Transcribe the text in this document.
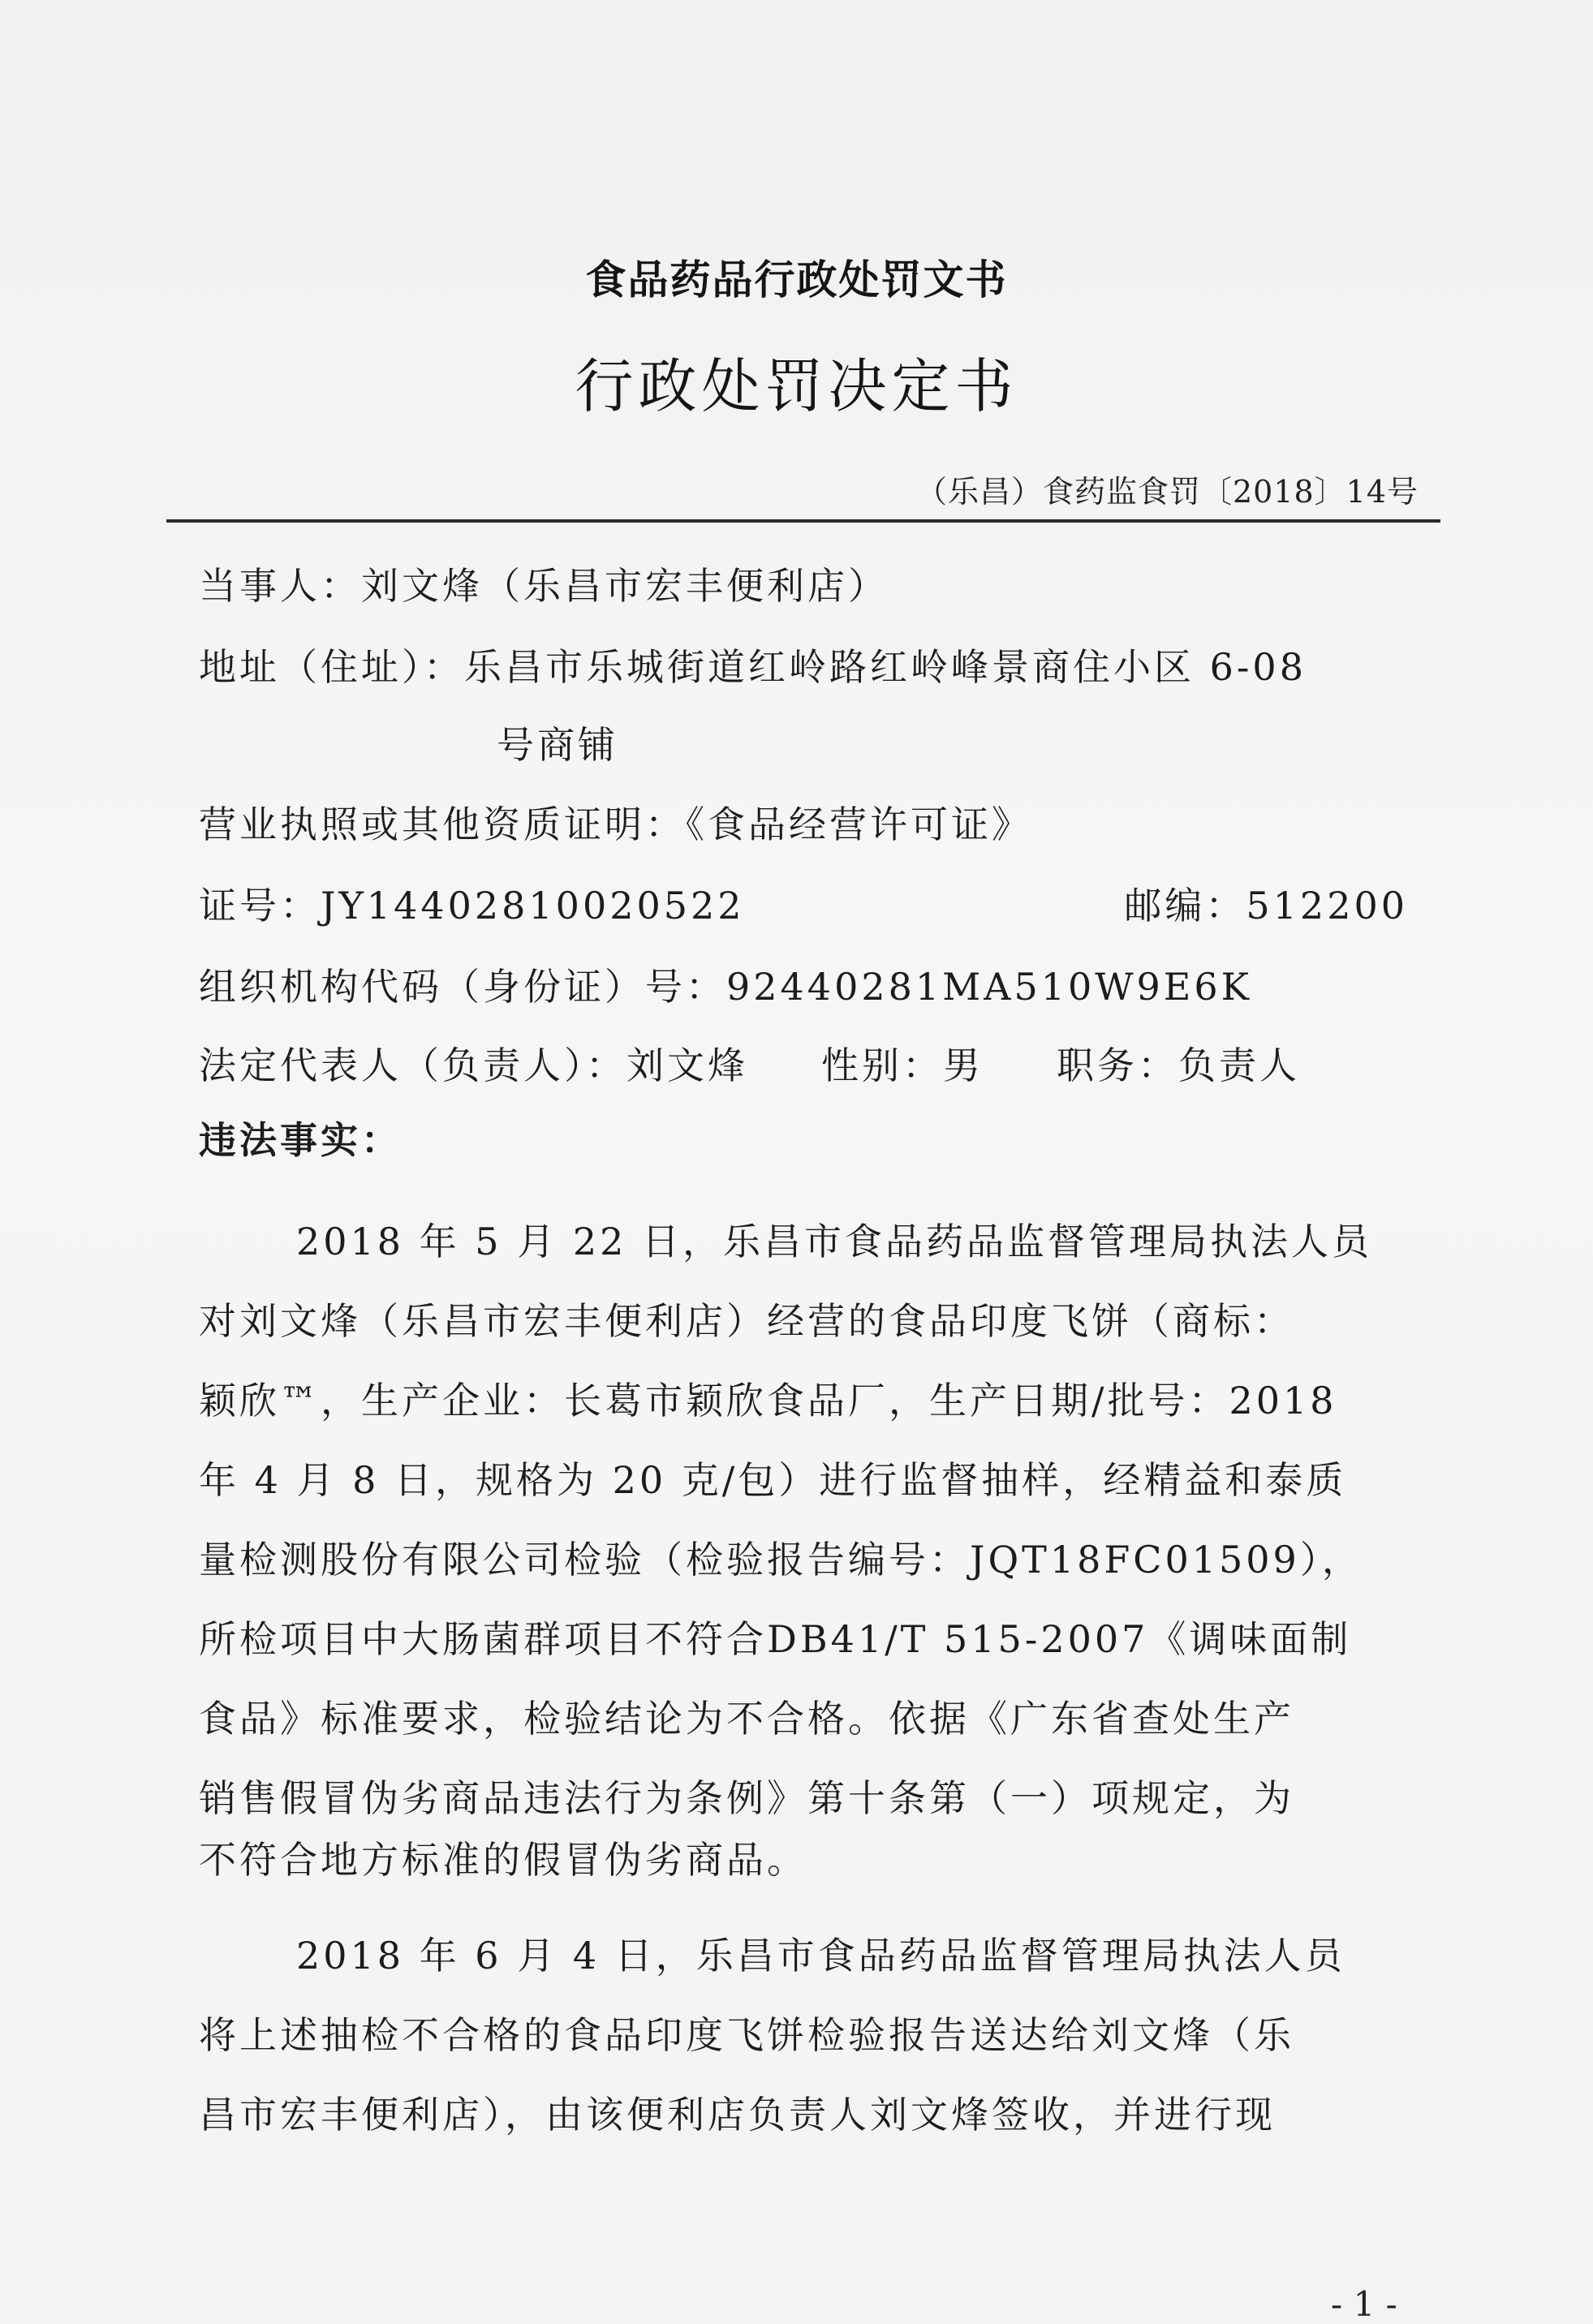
食品药品行政处罚文书
行政处罚决定书
（乐昌）食药监食罚〔2018〕14号
当事人：刘文烽（乐昌市宏丰便利店）
地址（住址）：乐昌市乐城街道红岭路红岭峰景商住小区 6-08
号商铺
营业执照或其他资质证明：《食品经营许可证》
证号：JY14402810020522	邮编：512200
组织机构代码（身份证）号：92440281MA510W9E6K
法定代表人（负责人）：刘文烽 性别：男 职务：负责人
违法事实：
2018 年 5 月 22 日，乐昌市食品药品监督管理局执法人员
对刘文烽（乐昌市宏丰便利店）经营的食品印度飞饼（商标：
颖欣™，生产企业：长葛市颖欣食品厂，生产日期/批号：2018
年 4 月 8 日，规格为 20 克/包）进行监督抽样，经精益和泰质
量检测股份有限公司检验（检验报告编号：JQT18FC01509），
所检项目中大肠菌群项目不符合DB41/T 515-2007《调味面制
食品》标准要求，检验结论为不合格。依据《广东省查处生产
销售假冒伪劣商品违法行为条例》第十条第（一）项规定，为
不符合地方标准的假冒伪劣商品。
2018 年 6 月 4 日，乐昌市食品药品监督管理局执法人员
将上述抽检不合格的食品印度飞饼检验报告送达给刘文烽（乐
昌市宏丰便利店），由该便利店负责人刘文烽签收，并进行现
- 1 -
